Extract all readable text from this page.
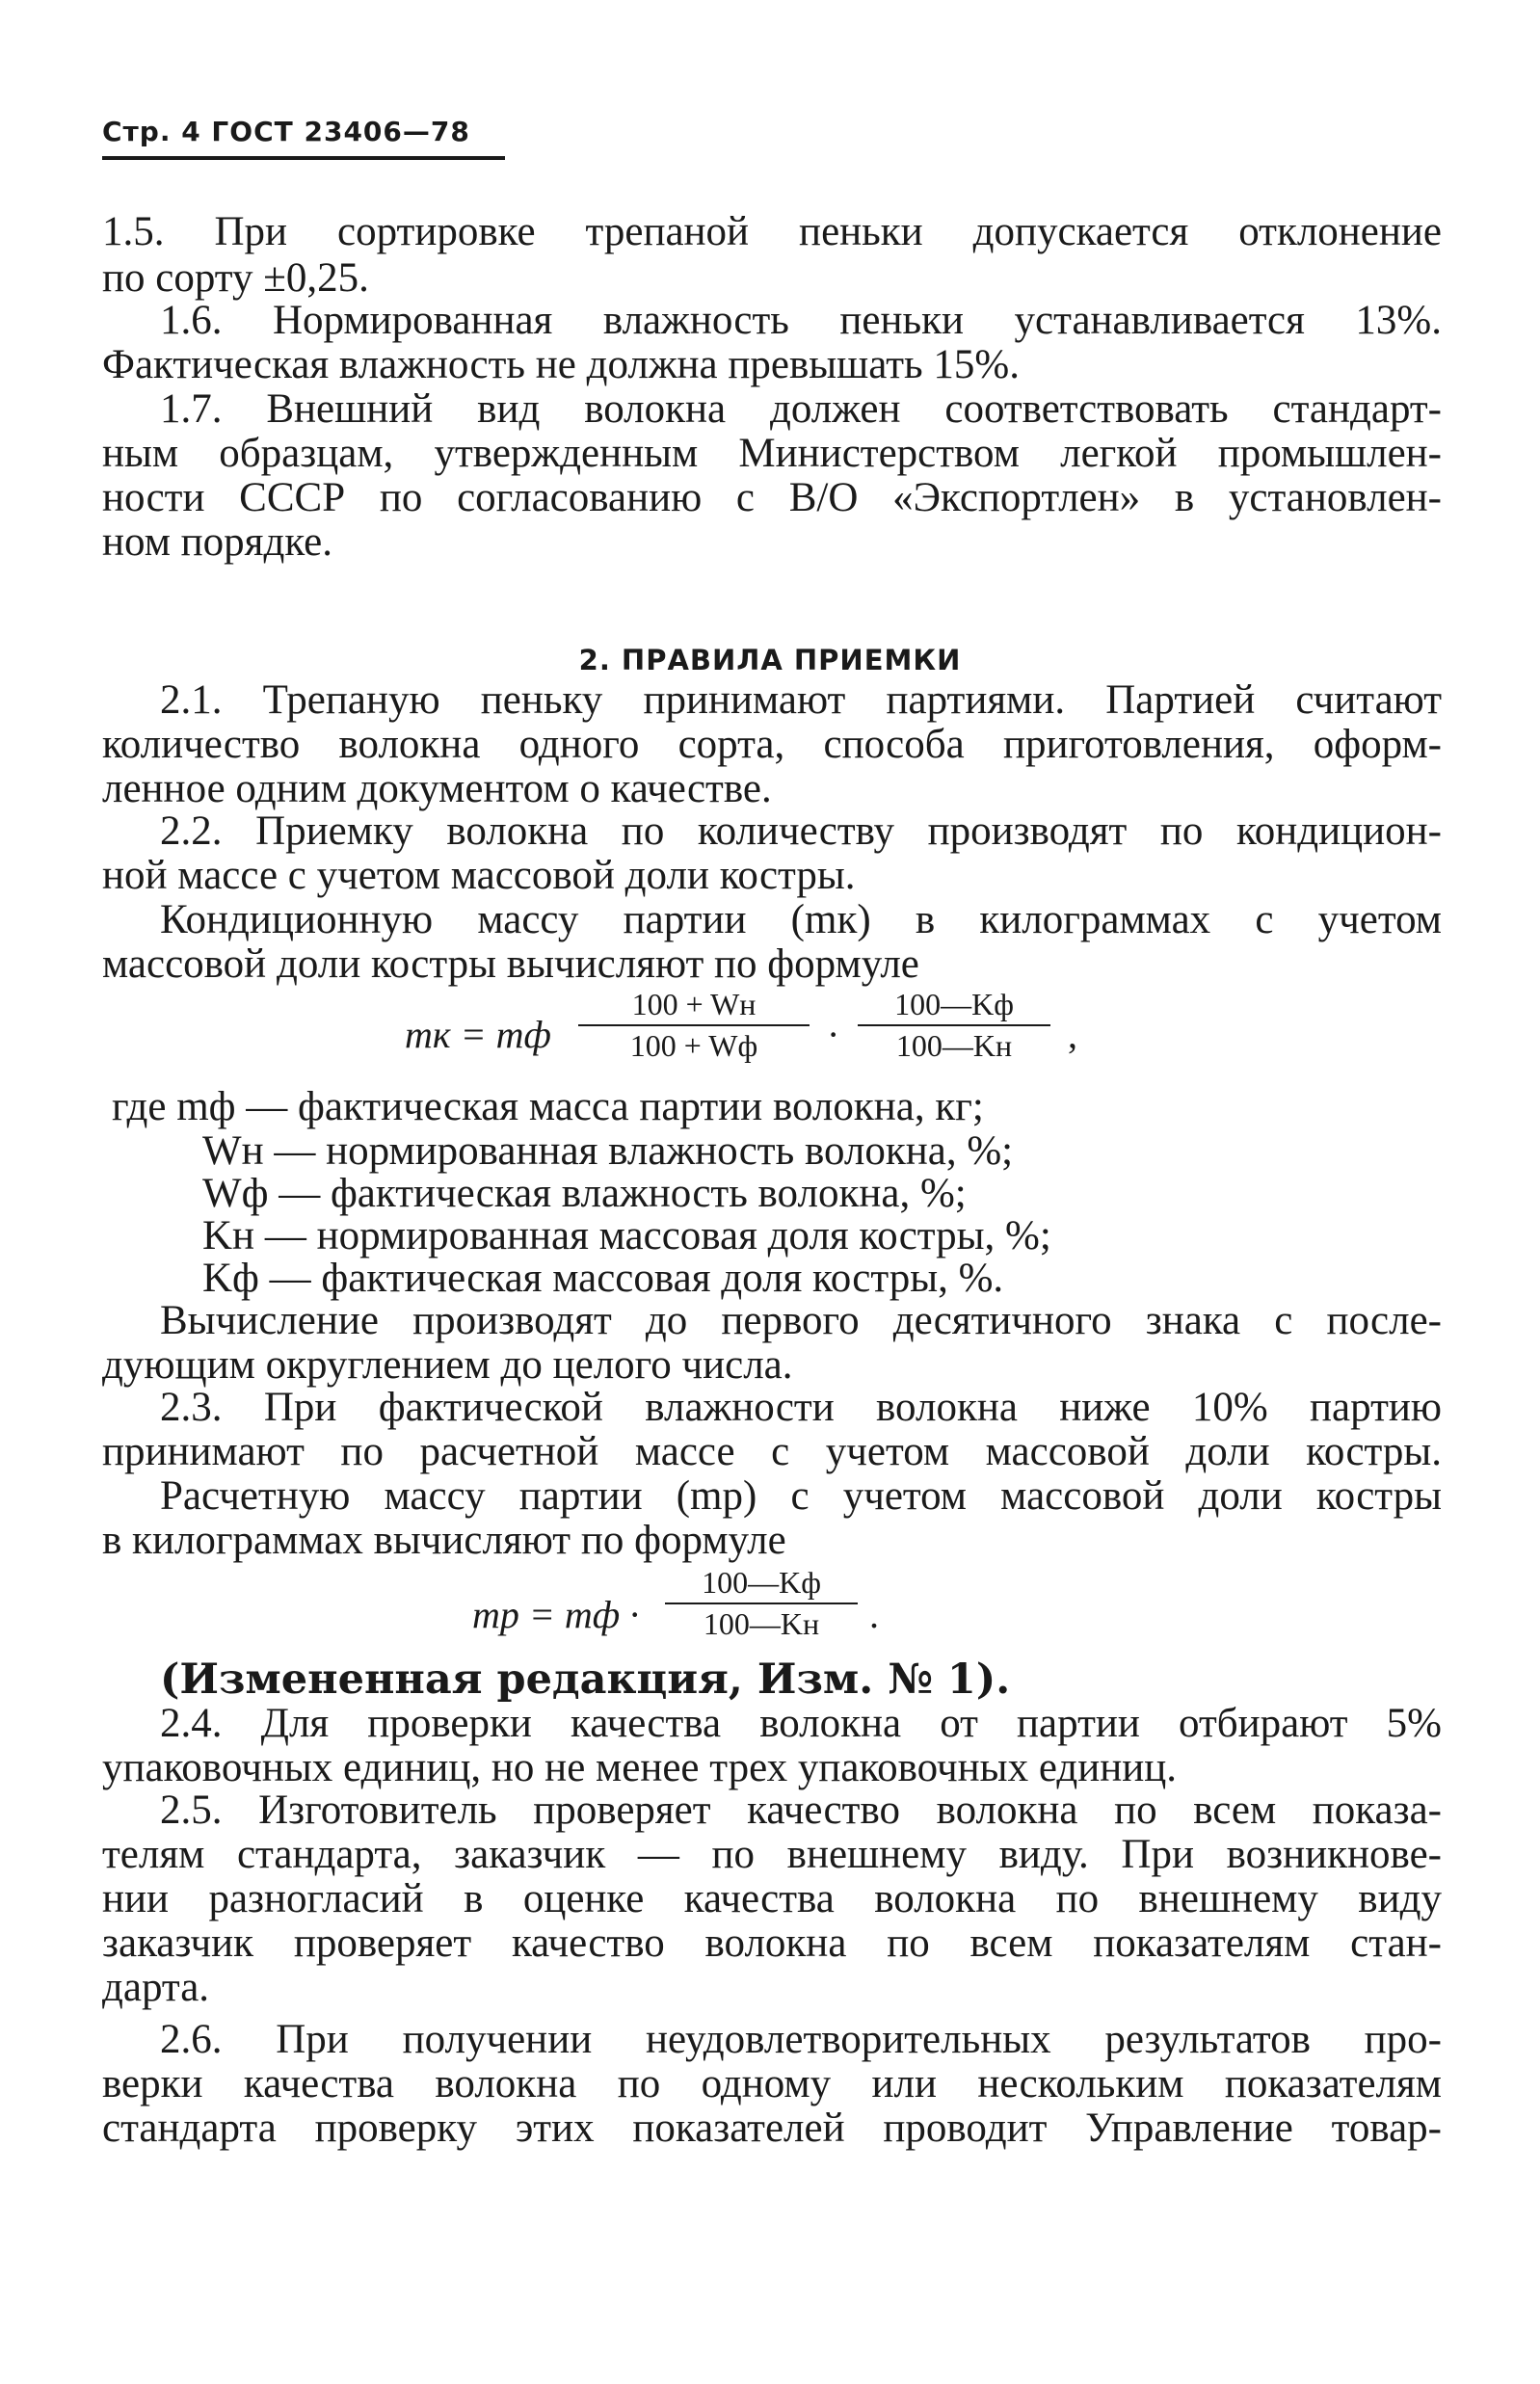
Стр. 4 ГОСТ 23406—78
1.5. При сортировке трепаной пеньки допускается отклонение
по сорту ±0,25.
1.6. Нормированная влажность пеньки устанавливается 13%.
Фактическая влажность не должна превышать 15%.
1.7. Внешний вид волокна должен соответствовать стандарт-
ным образцам, утвержденным Министерством легкой промышлен-
ности СССР по согласованию с В/О «Экспортлен» в установлен-
ном порядке.
2. ПРАВИЛА ПРИЕМКИ
2.1. Трепаную пеньку принимают партиями. Партией считают
количество волокна одного сорта, способа приготовления, оформ-
ленное одним документом о качестве.
2.2. Приемку волокна по количеству производят по кондицион-
ной массе с учетом массовой доли костры.
Кондиционную массу партии (mк) в килограммах с учетом
массовой доли костры вычисляют по формуле
mк = mф
100 + Wн
100 + Wф	·
100—Kф
100—Kн	,
где mф — фактическая масса партии волокна, кг;
Wн — нормированная влажность волокна, %;
Wф — фактическая влажность волокна, %;
Kн — нормированная массовая доля костры, %;
Kф — фактическая массовая доля костры, %.
Вычисление производят до первого десятичного знака с после-
дующим округлением до целого числа.
2.3. При фактической влажности волокна ниже 10% партию
принимают по расчетной массе с учетом массовой доли костры.
Расчетную массу партии (mр) с учетом массовой доли костры
в килограммах вычисляют по формуле
mр = mф ·
100—Kф
100—Kн	.
(Измененная редакция, Изм. № 1).
2.4. Для проверки качества волокна от партии отбирают 5%
упаковочных единиц, но не менее трех упаковочных единиц.
2.5. Изготовитель проверяет качество волокна по всем показа-
телям стандарта, заказчик — по внешнему виду. При возникнове-
нии разногласий в оценке качества волокна по внешнему виду
заказчик проверяет качество волокна по всем показателям стан-
дарта.
2.6. При получении неудовлетворительных результатов про-
верки качества волокна по одному или нескольким показателям
стандарта проверку этих показателей проводит Управление товар-
